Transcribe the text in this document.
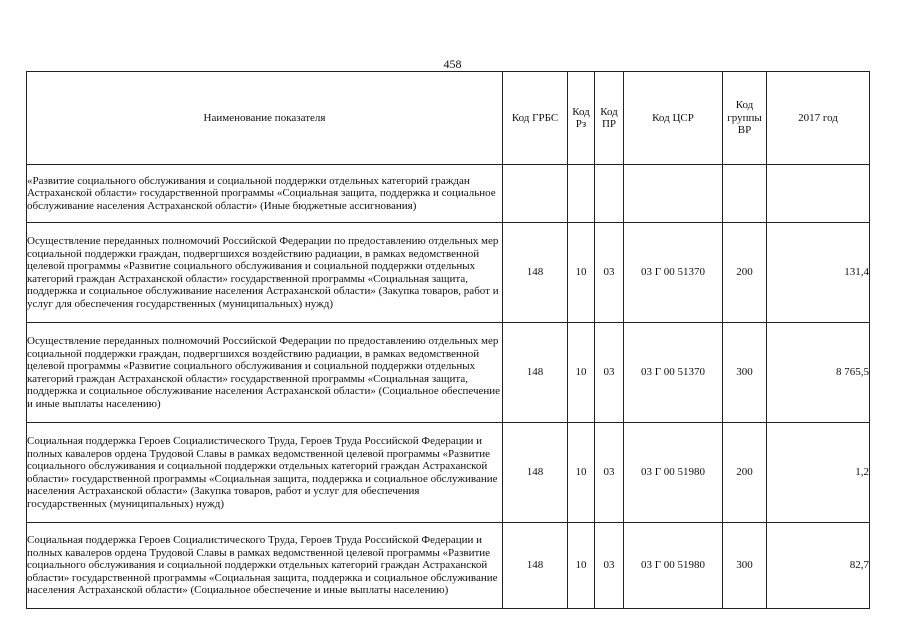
458
Наименование показателя	Код ГРБС	Код Рз	Код ПР	Код ЦСР	Код группы ВР	2017 год

«Развитие социального обслуживания и социальной поддержки отдельных категорий граждан Астраханской области» государственной программы «Социальная защита, поддержка и социальное обслуживание населения Астраханской области» (Иные бюджетные ассигнования)						
Осуществление переданных полномочий Российской Федерации по предоставлению отдельных мер социальной поддержки граждан, подвергшихся воздействию радиации, в рамках ведомственной целевой программы «Развитие социального обслуживания и социальной поддержки отдельных категорий граждан Астраханской области» государственной программы «Социальная защита, поддержка и социальное обслуживание населения Астраханской области» (Закупка товаров, работ и услуг для обеспечения государственных (муниципальных) нужд)	148	10	03	03 Г 00 51370	200	131,4
Осуществление переданных полномочий Российской Федерации по предоставлению отдельных мер социальной поддержки граждан, подвергшихся воздействию радиации, в рамках ведомственной целевой программы «Развитие социального обслуживания и социальной поддержки отдельных категорий граждан Астраханской области» государственной программы «Социальная защита, поддержка и социальное обслуживание населения Астраханской области» (Социальное обеспечение и иные выплаты населению)	148	10	03	03 Г 00 51370	300	8 765,5
Социальная поддержка Героев Социалистического Труда, Героев Труда Российской Федерации и полных кавалеров ордена Трудовой Славы в рамках ведомственной целевой программы «Развитие социального обслуживания и социальной поддержки отдельных категорий граждан Астраханской области» государственной программы «Социальная защита, поддержка и социальное обслуживание населения Астраханской области» (Закупка товаров, работ и услуг для обеспечения государственных (муниципальных) нужд)	148	10	03	03 Г 00 51980	200	1,2
Социальная поддержка Героев Социалистического Труда, Героев Труда Российской Федерации и полных кавалеров ордена Трудовой Славы в рамках ведомственной целевой программы «Развитие социального обслуживания и социальной поддержки отдельных категорий граждан Астраханской области» государственной программы «Социальная защита, поддержка и социальное обслуживание населения Астраханской области» (Социальное обеспечение и иные выплаты населению)	148	10	03	03 Г 00 51980	300	82,7
